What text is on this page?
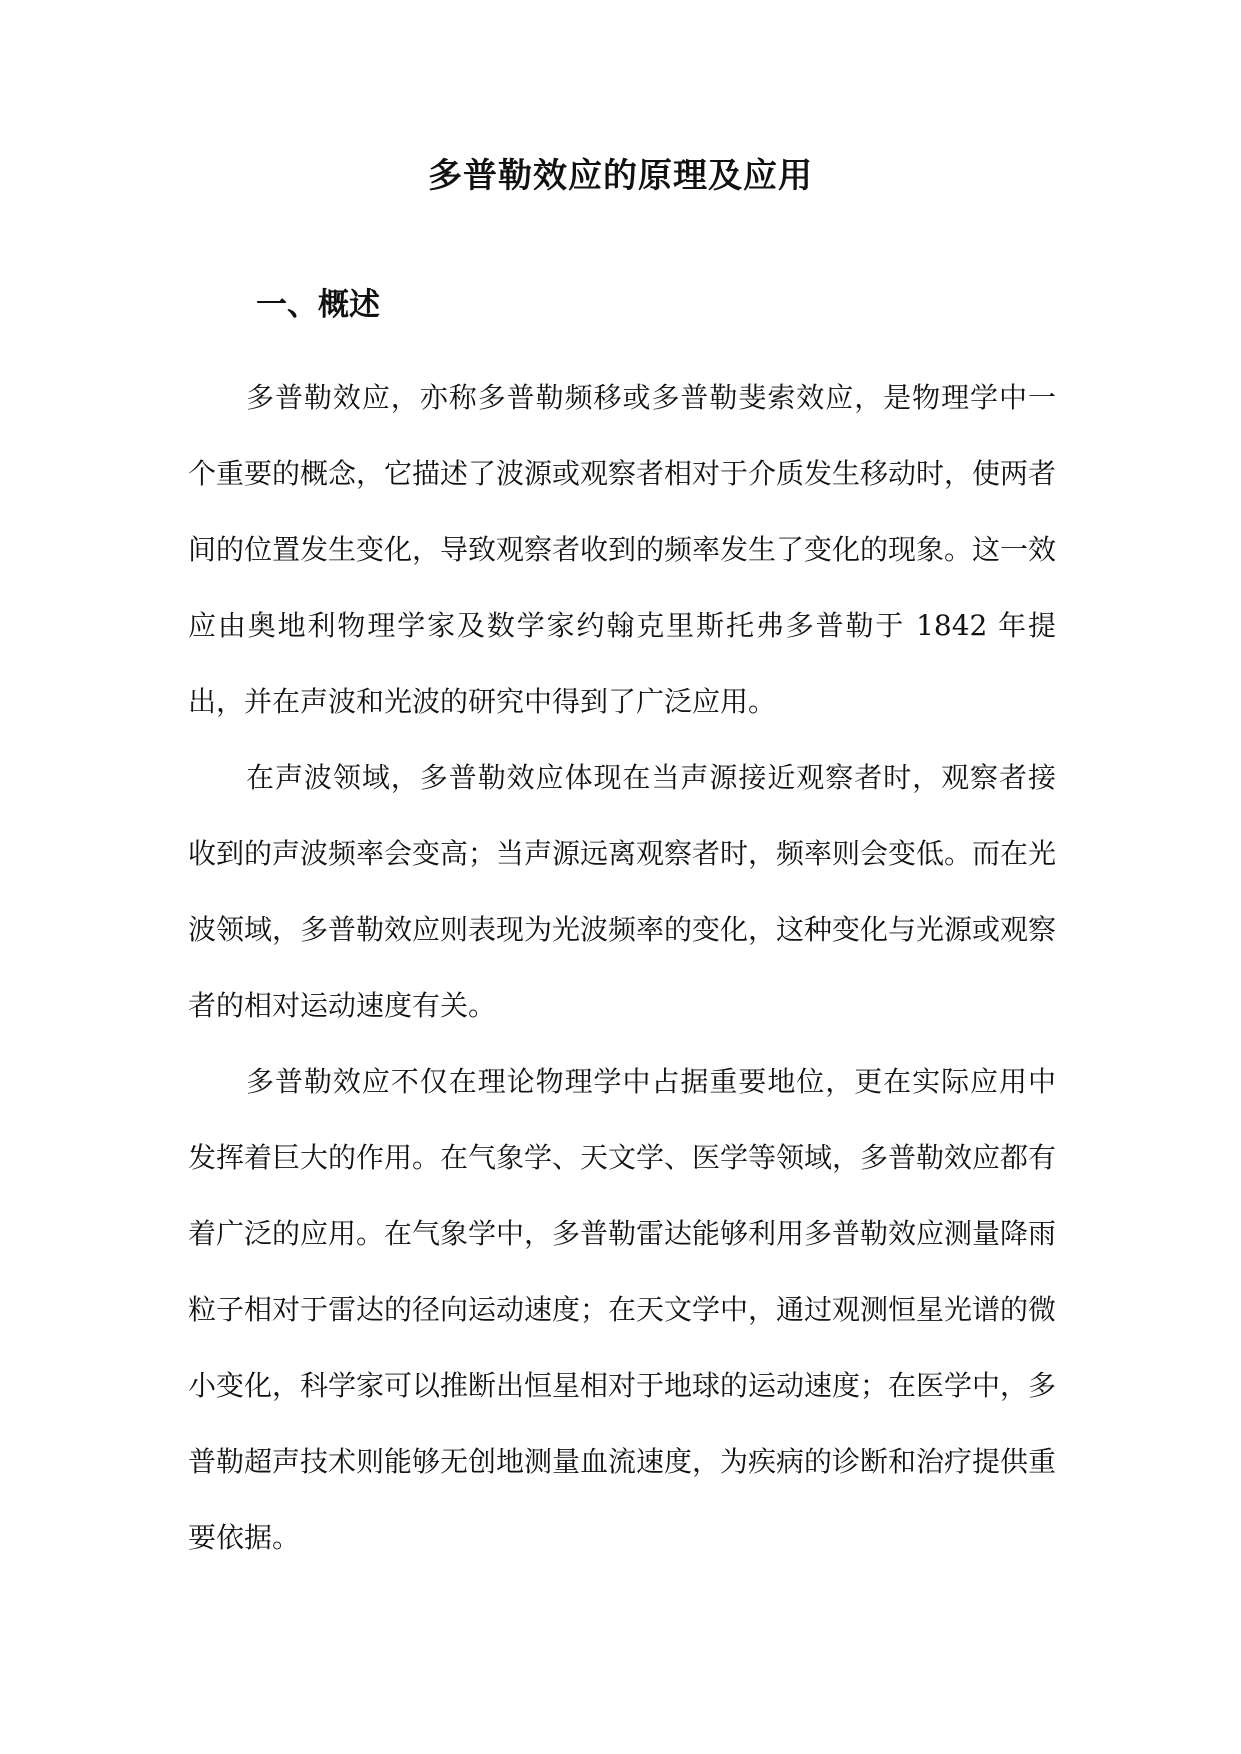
多普勒效应的原理及应用
一、概述

多普勒效应，亦称多普勒频移或多普勒斐索效应，是物理学中一个重要的概念，它描述了波源或观察者相对于介质发生移动时，使两者间的位置发生变化，导致观察者收到的频率发生了变化的现象。这一效应由奥地利物理学家及数学家约翰克里斯托弗多普勒于 1842 年提出，并在声波和光波的研究中得到了广泛应用。

在声波领域，多普勒效应体现在当声源接近观察者时，观察者接收到的声波频率会变高；当声源远离观察者时，频率则会变低。而在光波领域，多普勒效应则表现为光波频率的变化，这种变化与光源或观察者的相对运动速度有关。

多普勒效应不仅在理论物理学中占据重要地位，更在实际应用中发挥着巨大的作用。在气象学、天文学、医学等领域，多普勒效应都有着广泛的应用。在气象学中，多普勒雷达能够利用多普勒效应测量降雨粒子相对于雷达的径向运动速度；在天文学中，通过观测恒星光谱的微小变化，科学家可以推断出恒星相对于地球的运动速度；在医学中，多普勒超声技术则能够无创地测量血流速度，为疾病的诊断和治疗提供重要依据。
